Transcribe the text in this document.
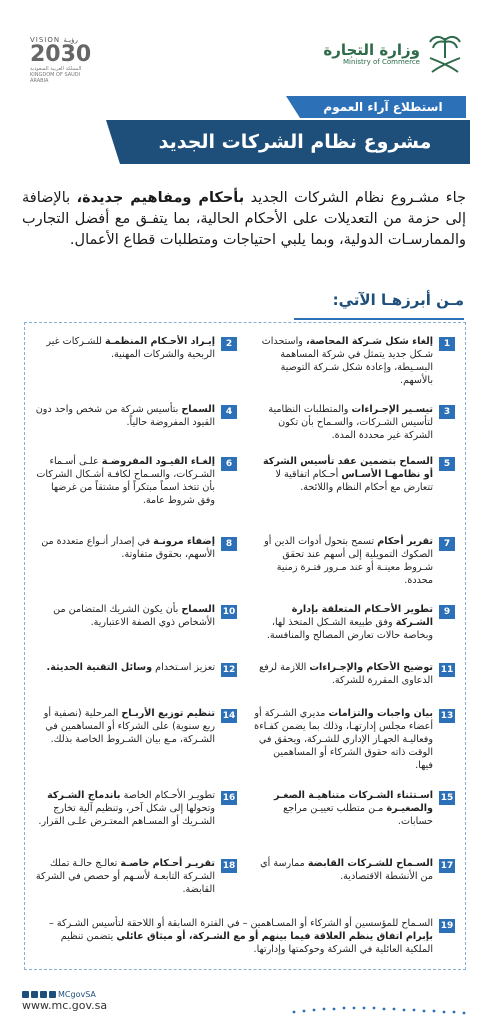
وزارة التجارة
Ministry of Commerce
VISION رؤيـة
2030
المملكة العربية السعودية
KINGDOM OF SAUDI ARABIA
استطلاع آراء العموم
مشروع نظام الشركات الجديد
جاء مشـروع نظام الشركات الجديد بأحكام ومفاهيم جديدة، بالإضافة إلى حزمة من التعديلات على الأحكام الحالية، بما يتفـق مع أفضل التجارب والممارسـات الدولية، وبما يلبي احتياجات ومتطلبات قطاع الأعمال.
مـن أبرزهـا الآتي:
1
إلغاء شكل شـركة المحاصة، واستحداث شـكل جديد يتمثل في شركة المساهمة البسـيطة، وإعادة شكل شـركة التوصية بالأسهم.
2
إيـراد الأحـكام المنظمـة للشـركات غير الربحية والشركات المهنية.
3
تيسـير الإجـراءات والمتطلبات النظامية لتأسيس الشـركات، والسـماح بأن تكون الشركة غير محددة المدة.
4
السماح بتأسيس شركة من شخص واحد دون القيود المفروضة حالياً.
5
السماح بتضمين عقد تأسيس الشركة أو نظامهـا الأسـاس أحـكام اتفاقية لا تتعارض مع أحكام النظام واللائحة.
6
إلغـاء القيـود المفروضـة علـى أسـماء الشـركات، والسـماح لكافـة أشـكال الشركات بأن تتخذ اسماً مبتكراً أو مشتقاً من غرضها وفق شروط عامة.
7
تقرير أحكام تسمح بتحول أدوات الدين أو الصكوك التمويلية إلى أسهم عند تحقق شـروط معينـة أو عند مـرور فتـرة زمنية محددة.
8
إضفاء مرونـة في إصدار أنـواع متعددة من الأسهم، بحقوق متفاوتة.
9
تطوير الأحـكام المتعلقة بإدارة الشـركة وفق طبيعة الشـكل المتخذ لها، وبخاصة حالات تعارض المصالح والمنافسة.
10
السماح بأن يكون الشريك المتضامن من الأشخاص ذوي الصفة الاعتبارية.
11
توضيح الأحكام والإجـراءات اللازمة لرفع الدعاوى المقررة للشركة.
12
تعزيز اسـتخدام وسائل التقنية الحديثة.
13
بيان واجبات والتزامات مديري الشـركة أو أعضاء مجلس إدارتهـا، وذلك بما يضمن كفـاءة وفعاليـة الجهـاز الإداري للشـركة، ويحقق في الوقت ذاته حقوق الشركاء أو المساهمين فيها.
14
تنظيم توزيع الأربـاح المرحلية (نصفية أو ربع سنوية) على الشركاء أو المساهمين في الشـركة، مـع بيان الشـروط الخاصة بذلك.
15
اسـتثناء الشـركات متناهيـة الصغـر والصغيـرة مـن متطلب تعييـن مراجع حسابات.
16
تطويـر الأحـكام الخاصة باندماج الشـركة وتحولها إلى شكل آخر، وتنظيم آلية تخارج الشـريك أو المسـاهم المعتـرض علـى القرار.
17
السـماح للشـركات القابضة ممارسة أي من الأنشطة الاقتصادية.
18
تقريـر أحـكام خاصـة تعالـج حالـة تملك الشـركة التابعـة لأسـهم أو حصص في الشركة القابضة.
19
السـماح للمؤسسين أو الشركاء أو المسـاهمين – في الفترة السابقة أو اللاحقة لتأسيس الشـركة – بإبرام اتفاق ينظم العلاقة فيما بينهم أو مع الشـركة، أو ميثاق عائلي يتضمن تنظيم الملكية العائلية في الشركة وحوكمتها وإدارتها.
MCgovSA
www.mc.gov.sa
